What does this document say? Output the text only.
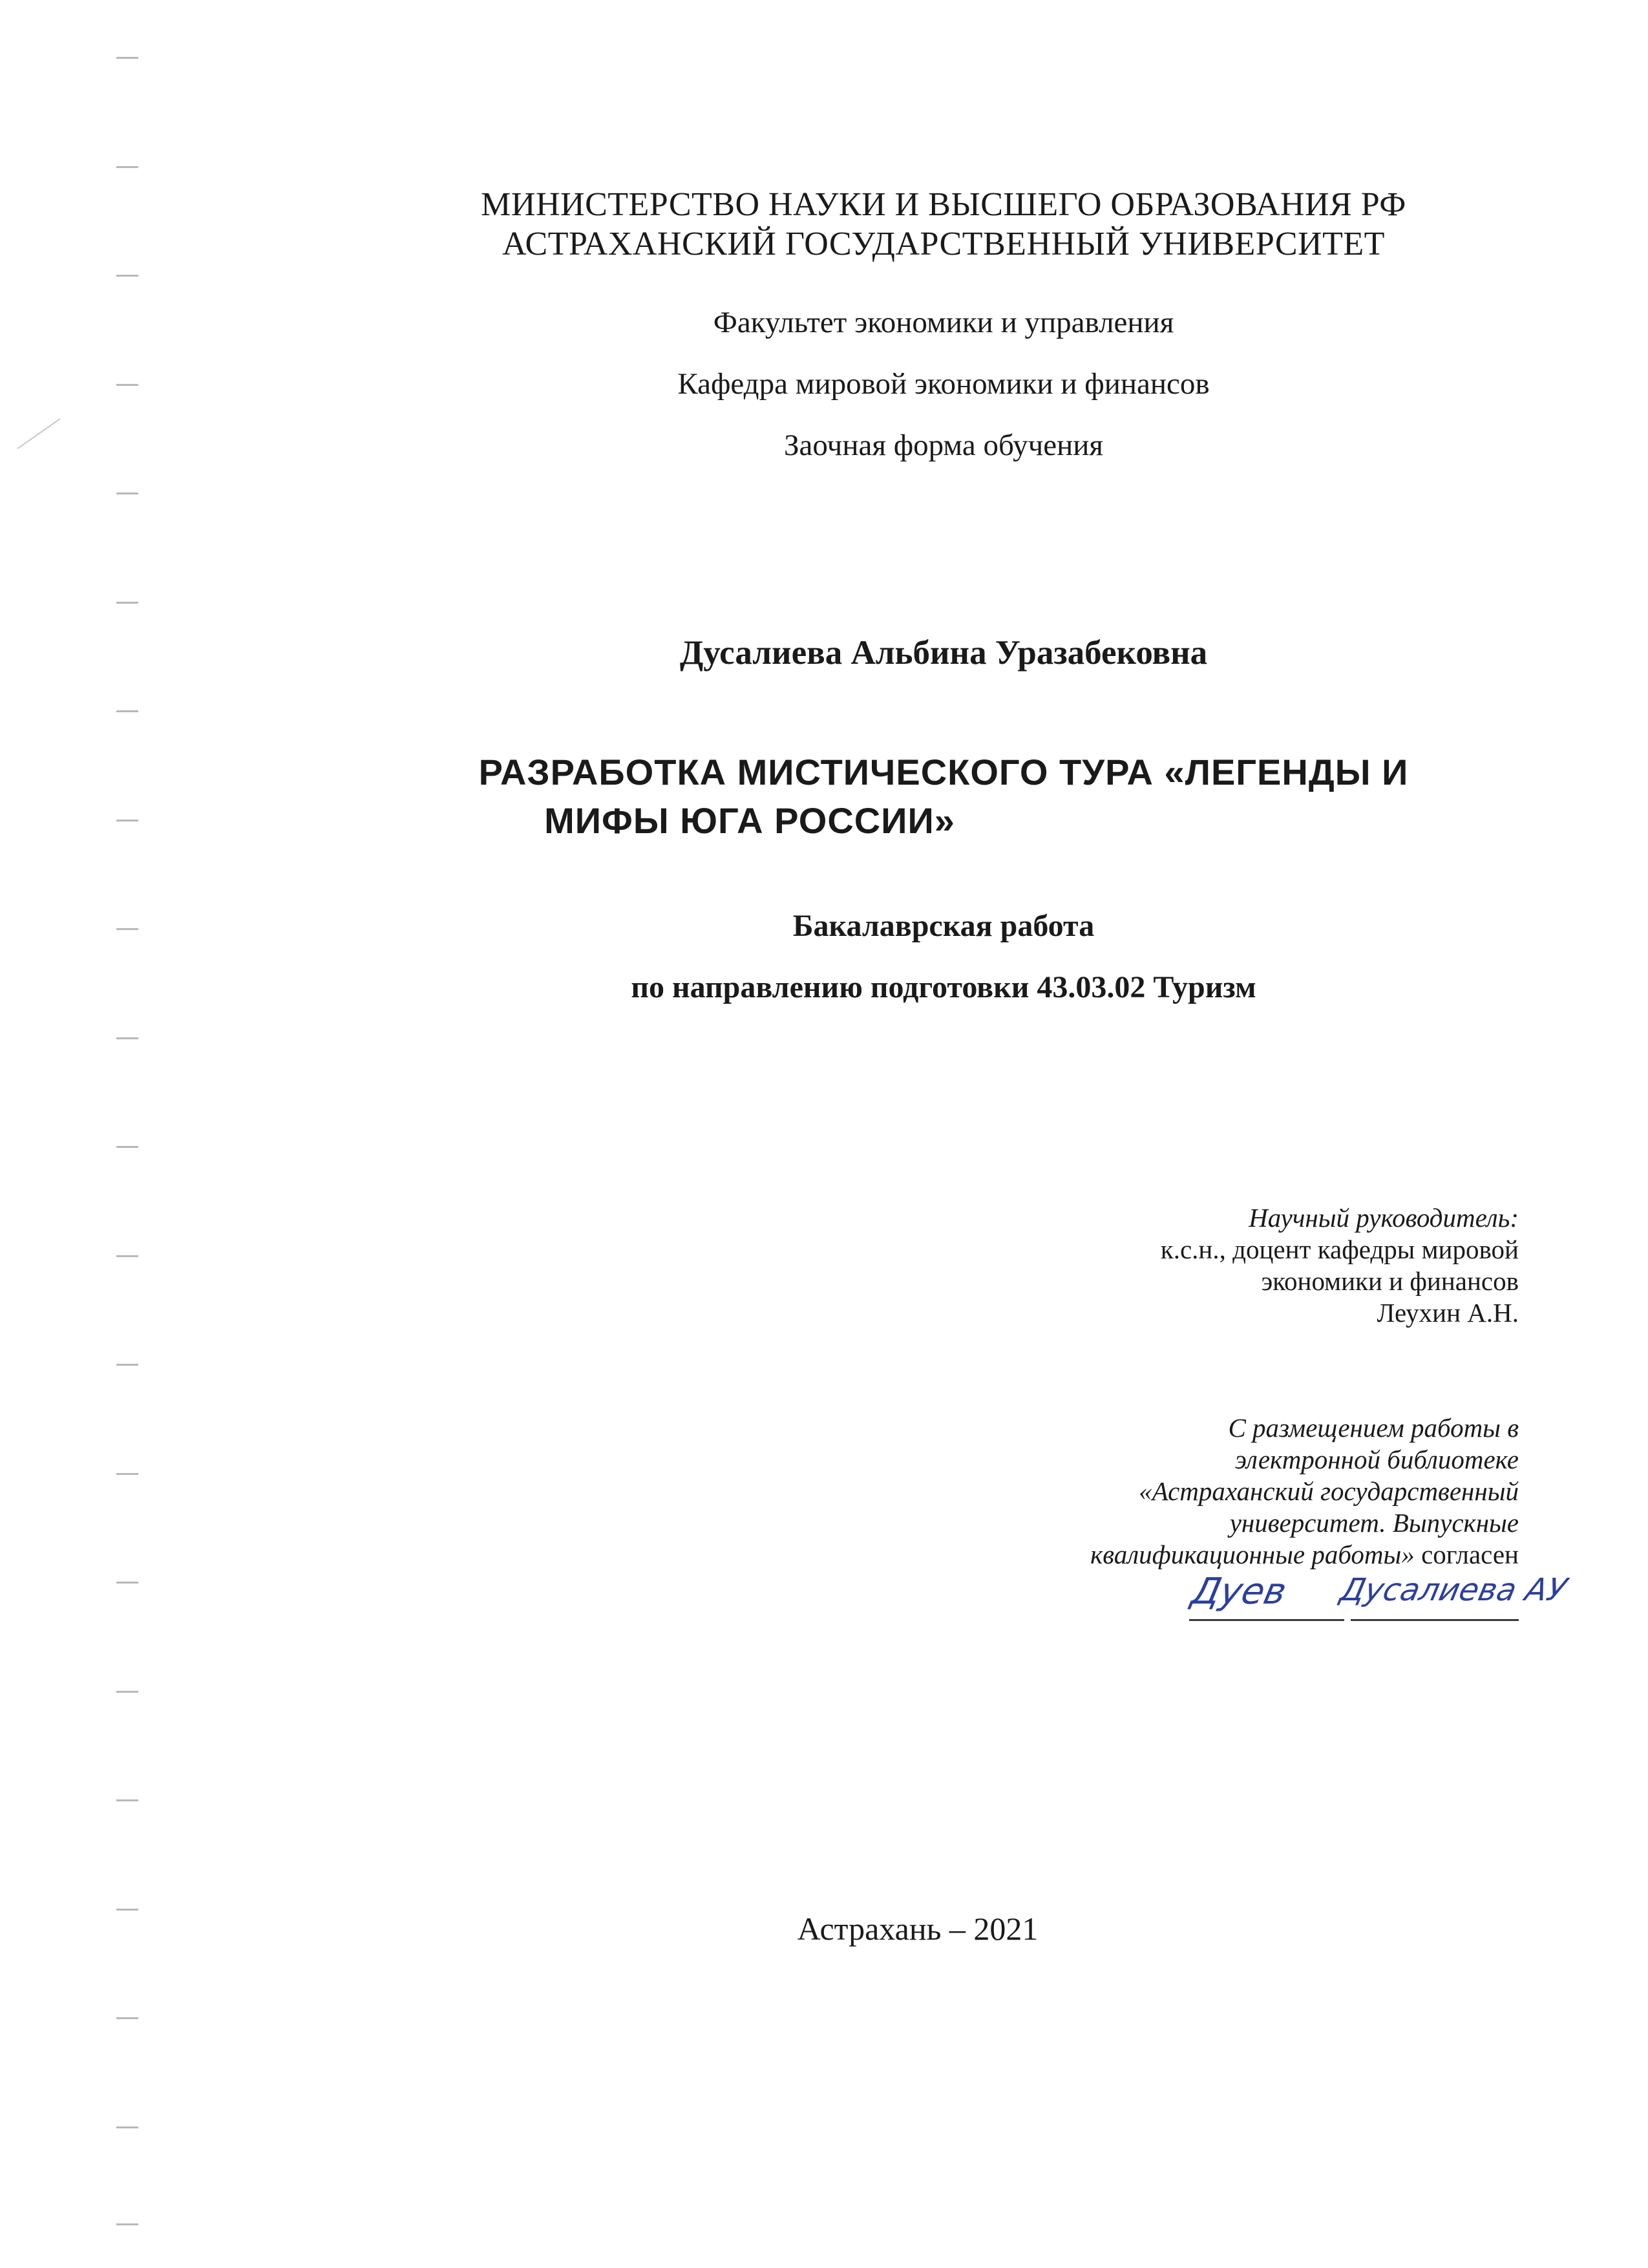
МИНИСТЕРСТВО НАУКИ И ВЫСШЕГО ОБРАЗОВАНИЯ РФ
АСТРАХАНСКИЙ ГОСУДАРСТВЕННЫЙ УНИВЕРСИТЕТ
Факультет экономики и управления
Кафедра мировой экономики и финансов
Заочная форма обучения
Дусалиева Альбина Уразабековна
РАЗРАБОТКА МИСТИЧЕСКОГО ТУРА «ЛЕГЕНДЫ И
МИФЫ ЮГА РОССИИ»
Бакалаврская работа
по направлению подготовки 43.03.02 Туризм
Научный руководитель:
к.с.н., доцент кафедры мировой
экономики и финансов
Леухин А.Н.
С размещением работы в
электронной библиотеке
«Астраханский государственный
университет. Выпускные
квалификационные работы» согласен
Дуев Дусалиева АУ
Астрахань – 2021
